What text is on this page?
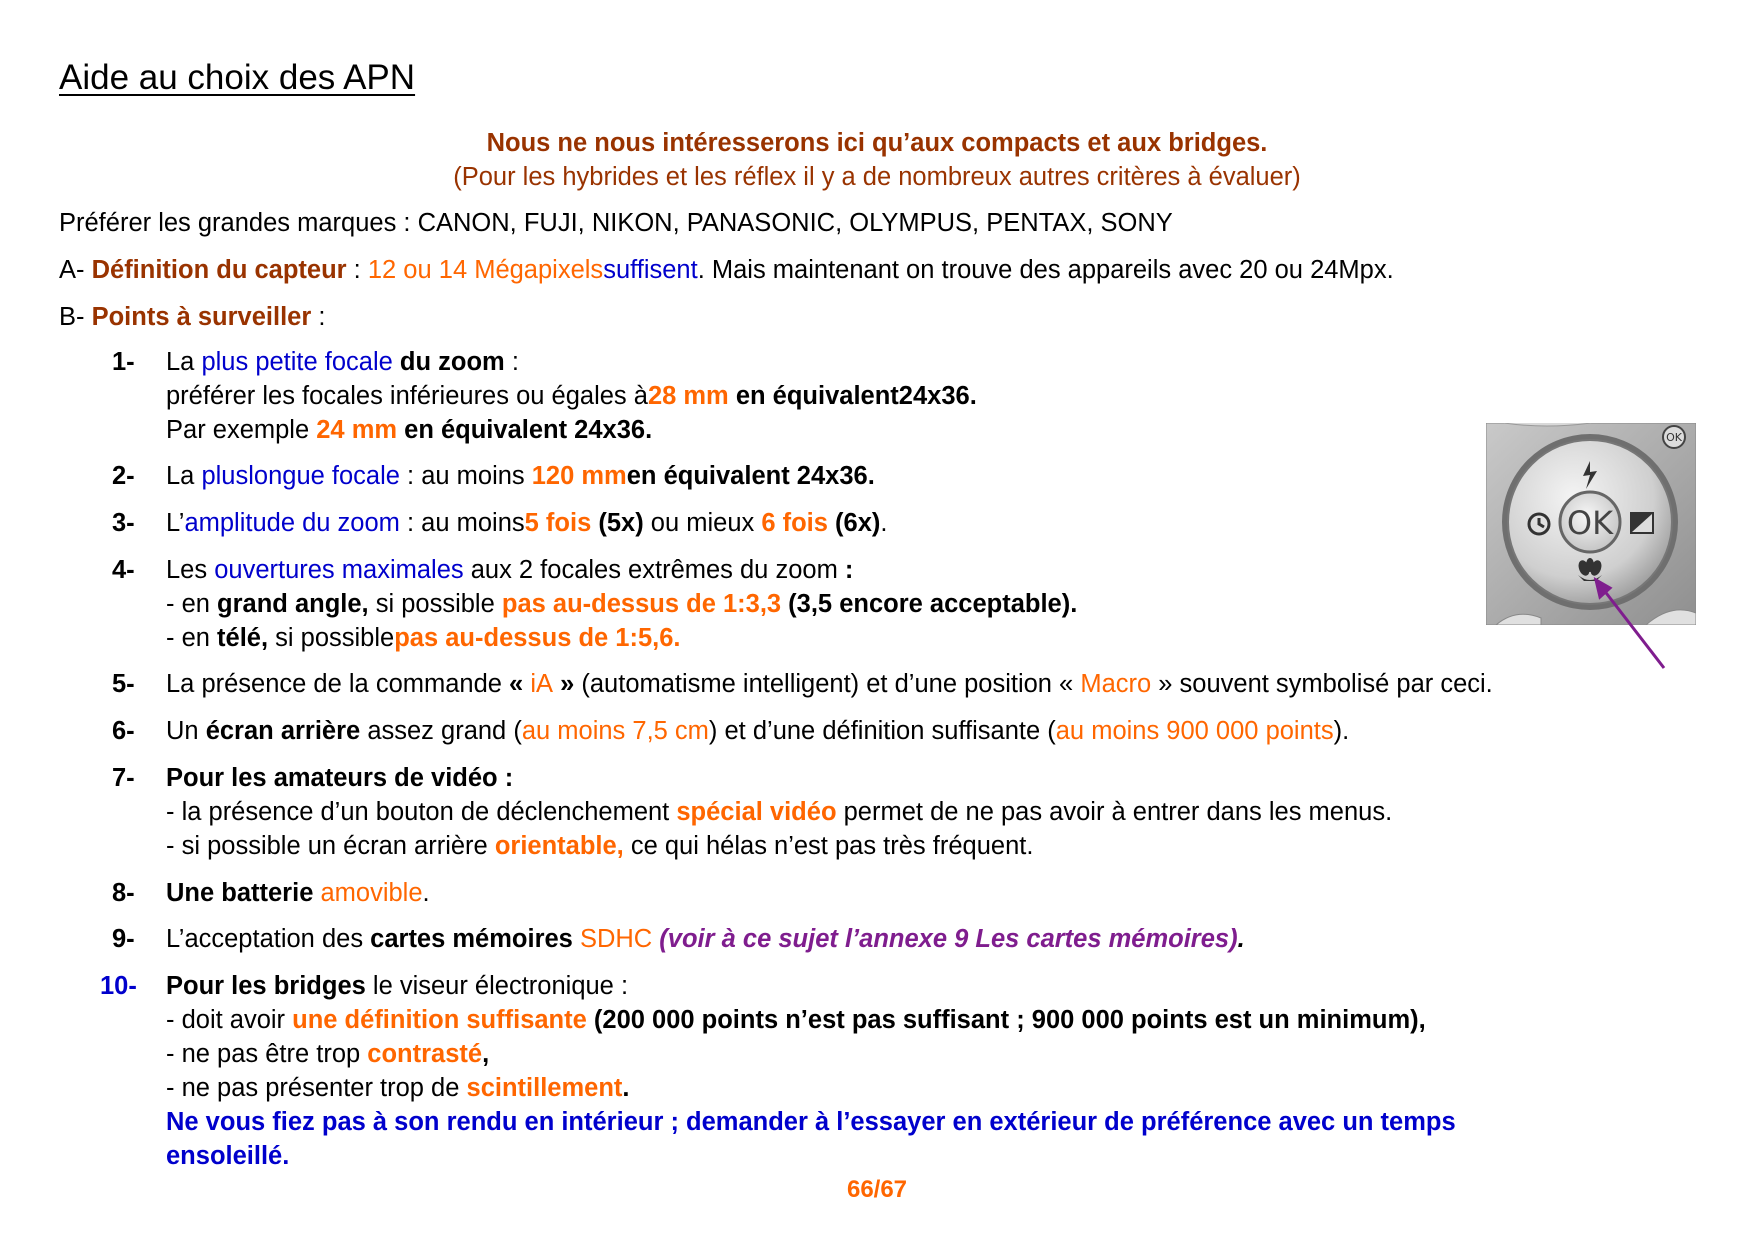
Aide au choix des APN
Nous ne nous intéresserons ici qu’aux compacts et aux bridges.
(Pour les hybrides et les réflex il y a de nombreux autres critères à évaluer)
Préférer les grandes marques : CANON, FUJI, NIKON, PANASONIC, OLYMPUS, PENTAX, SONY
A- Définition du capteur : 12 ou 14 Mégapixelssuffisent. Mais maintenant on trouve des appareils avec 20 ou 24Mpx.
B- Points à surveiller :
1- La plus petite focale du zoom :
préférer les focales inférieures ou égales à28 mm en équivalent24x36.
Par exemple 24 mm en équivalent 24x36.
2- La pluslongue focale : au moins 120 mmen équivalent 24x36.
3- L’amplitude du zoom : au moins5 fois (5x) ou mieux 6 fois (6x).
4- Les ouvertures maximales aux 2 focales extrêmes du zoom :
- en grand angle, si possible pas au-dessus de 1:3,3 (3,5 encore acceptable).
- en télé, si possiblepas au-dessus de 1:5,6.
5- La présence de la commande « iA » (automatisme intelligent) et d’une position « Macro » souvent symbolisé par ceci.
6- Un écran arrière assez grand (au moins 7,5 cm) et d’une définition suffisante (au moins 900 000 points).
7- Pour les amateurs de vidéo :
- la présence d’un bouton de déclenchement spécial vidéo permet de ne pas avoir à entrer dans les menus.
- si possible un écran arrière orientable, ce qui hélas n’est pas très fréquent.
8- Une batterie amovible.
9- L’acceptation des cartes mémoires SDHC (voir à ce sujet l’annexe 9 Les cartes mémoires).
10- Pour les bridges le viseur électronique :
- doit avoir une définition suffisante (200 000 points n’est pas suffisant ; 900 000 points est un minimum),
- ne pas être trop contrasté,
- ne pas présenter trop de scintillement.
Ne vous fiez pas à son rendu en intérieur ; demander à l’essayer en extérieur de préférence avec un temps
ensoleillé.
66/67
OK
OK
